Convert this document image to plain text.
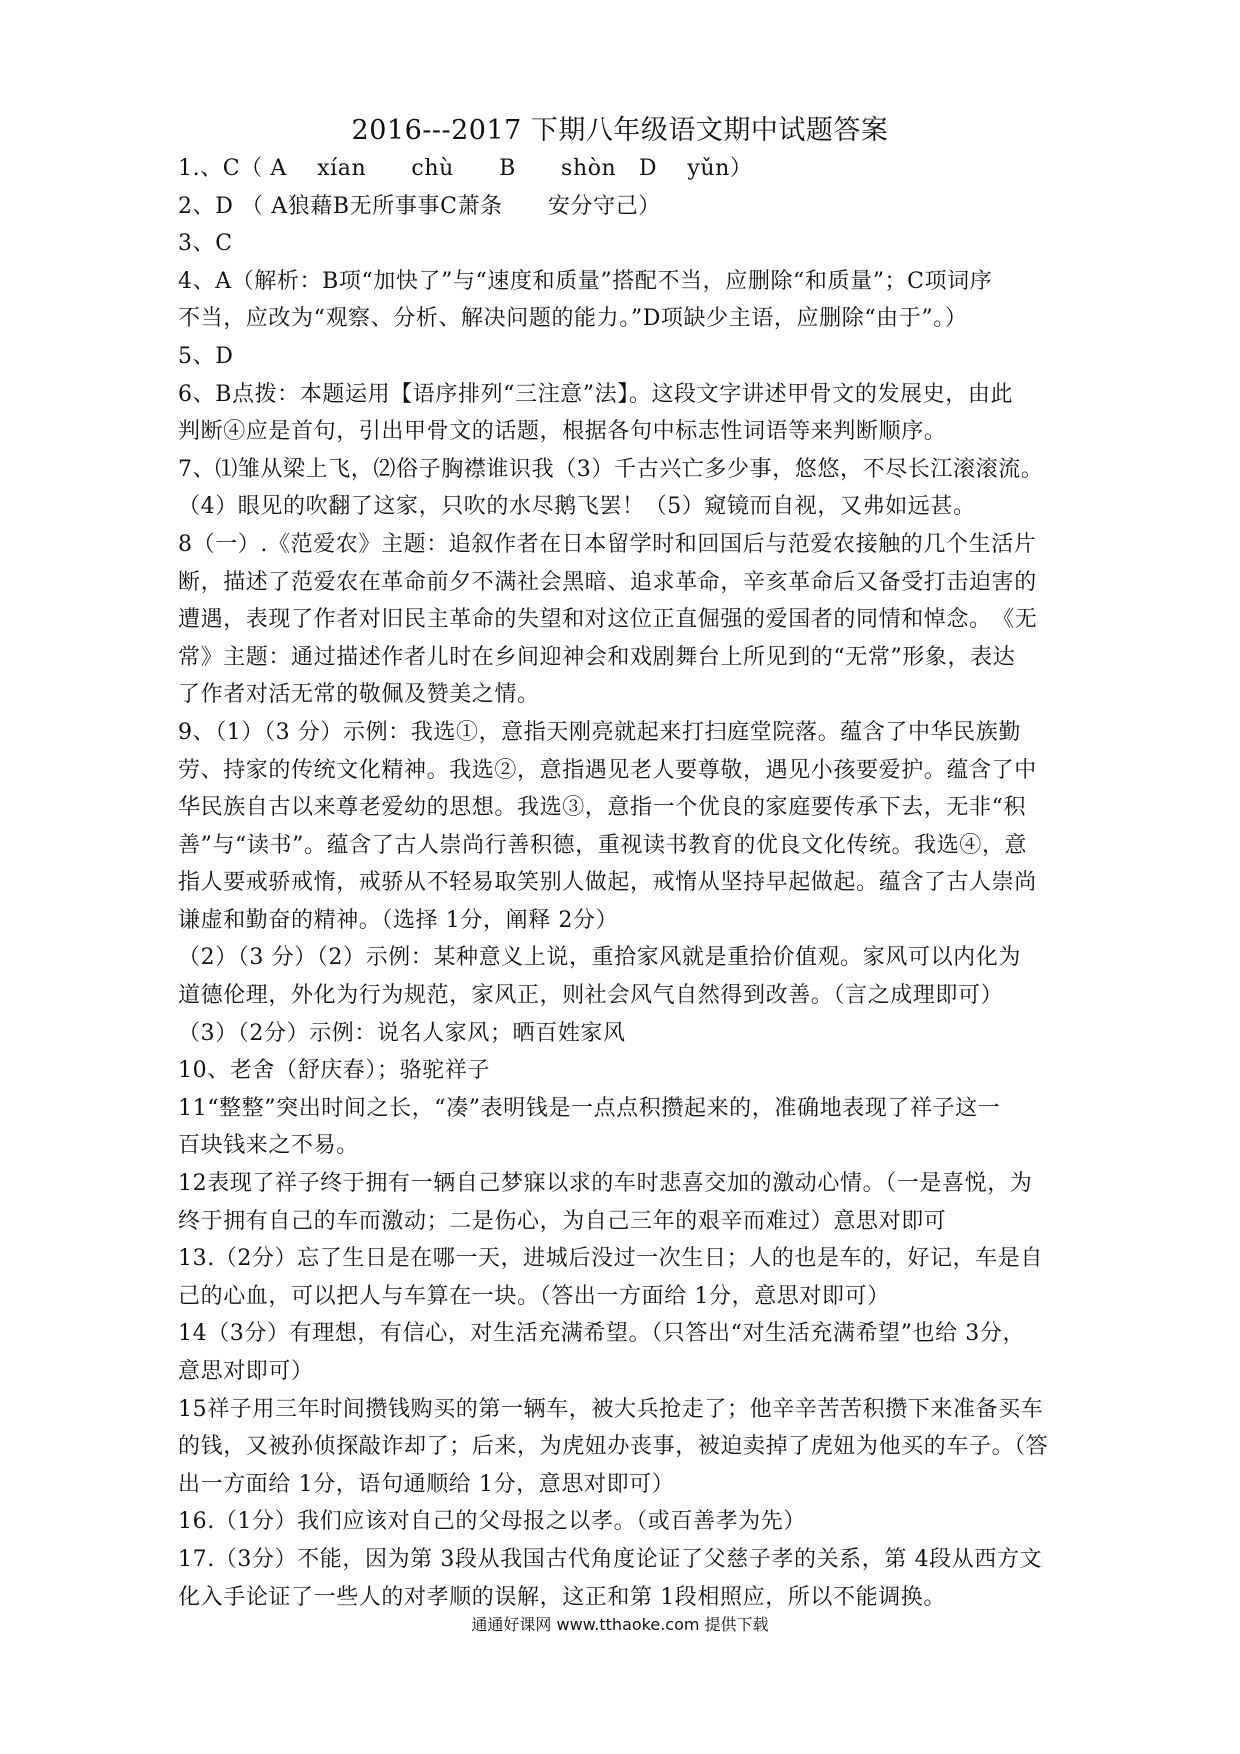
2016---2017 下期八年级语文期中试题答案
1.、C（ A　 xían　　chù　　B　　shòn　D　 yǔn）
2、D （ A狼藉B无所事事C萧条　　安分守己）
3、C
4、A（解析：B项“加快了”与“速度和质量”搭配不当，应删除“和质量”；C项词序
不当，应改为“观察、分析、解决问题的能力。”D项缺少主语，应删除“由于”。）
5、D
6、B点拨：本题运用【语序排列“三注意”法】。这段文字讲述甲骨文的发展史，由此
判断④应是首句，引出甲骨文的话题，根据各句中标志性词语等来判断顺序。
7、⑴雏从梁上飞，⑵俗子胸襟谁识我（3）千古兴亡多少事，悠悠，不尽长江滚滚流。
（4）眼见的吹翻了这家，只吹的水尽鹅飞罢！（5）窥镜而自视，又弗如远甚。
8（一）.《范爱农》主题：追叙作者在日本留学时和回国后与范爱农接触的几个生活片
断，描述了范爱农在革命前夕不满社会黑暗、追求革命，辛亥革命后又备受打击迫害的
遭遇，表现了作者对旧民主革命的失望和对这位正直倔强的爱国者的同情和悼念。　《无
常》主题：通过描述作者儿时在乡间迎神会和戏剧舞台上所见到的“无常”形象，表达
了作者对活无常的敬佩及赞美之情。
9、（1）（3 分）示例：我选①，意指天刚亮就起来打扫庭堂院落。蕴含了中华民族勤
劳、持家的传统文化精神。我选②，意指遇见老人要尊敬，遇见小孩要爱护。蕴含了中
华民族自古以来尊老爱幼的思想。我选③，意指一个优良的家庭要传承下去，无非“积
善”与“读书”。蕴含了古人崇尚行善积德，重视读书教育的优良文化传统。我选④，意
指人要戒骄戒惰，戒骄从不轻易取笑别人做起，戒惰从坚持早起做起。蕴含了古人崇尚
谦虚和勤奋的精神。（选择 1分，阐释 2分）
（2）（3 分）（2）示例：某种意义上说，重拾家风就是重拾价值观。家风可以内化为
道德伦理，外化为行为规范，家风正，则社会风气自然得到改善。（言之成理即可）
（3）（2分）示例：说名人家风；晒百姓家风
10、老舍（舒庆春）；骆驼祥子
11“整整”突出时间之长，“凑”表明钱是一点点积攒起来的，准确地表现了祥子这一
百块钱来之不易。
12表现了祥子终于拥有一辆自己梦寐以求的车时悲喜交加的激动心情。（一是喜悦，为
终于拥有自己的车而激动；二是伤心，为自己三年的艰辛而难过）意思对即可
13.（2分）忘了生日是在哪一天，进城后没过一次生日；人的也是车的，好记，车是自
己的心血，可以把人与车算在一块。（答出一方面给 1分，意思对即可）
14（3分）有理想，有信心，对生活充满希望。（只答出“对生活充满希望”也给 3分，
意思对即可）
15祥子用三年时间攒钱购买的第一辆车，被大兵抢走了；他辛辛苦苦积攒下来准备买车
的钱，又被孙侦探敲诈却了；后来，为虎妞办丧事，被迫卖掉了虎妞为他买的车子。（答
出一方面给 1分，语句通顺给 1分，意思对即可）
16.（1分）我们应该对自己的父母报之以孝。（或百善孝为先）
17.（3分）不能，因为第 3段从我国古代角度论证了父慈子孝的关系，第 4段从西方文
化入手论证了一些人的对孝顺的误解，这正和第 1段相照应，所以不能调换。
通通好课网 www.tthaoke.com 提供下载
